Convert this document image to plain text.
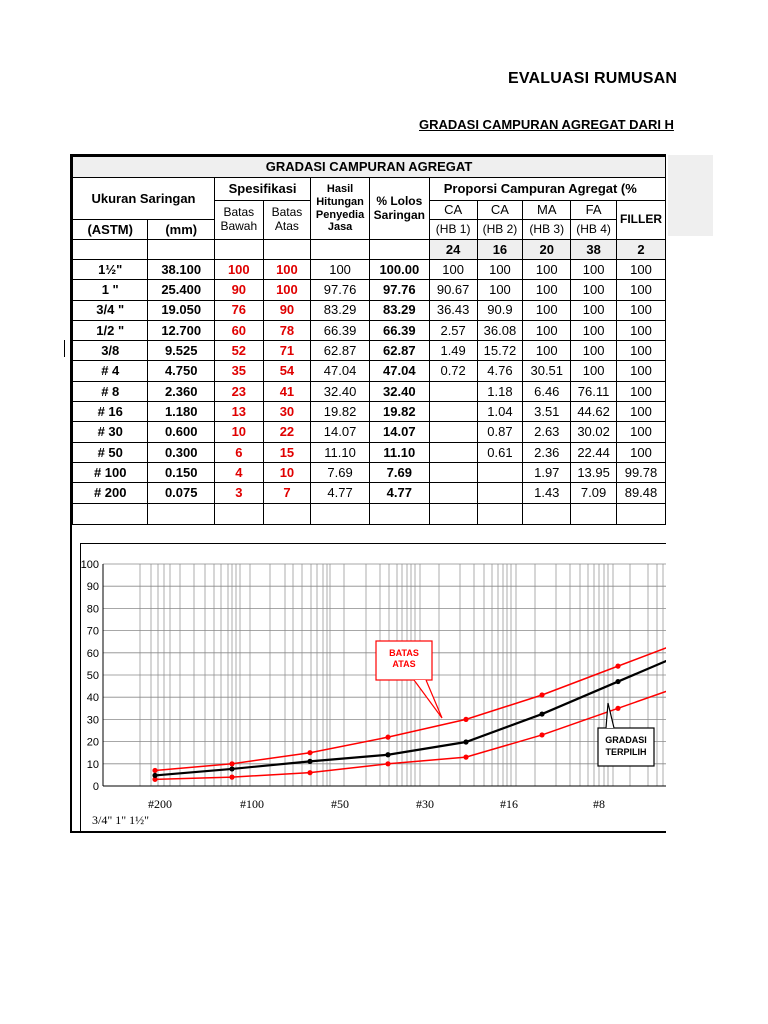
EVALUASI RUMUSAN
GRADASI CAMPURAN AGREGAT DARI H
GRADASI CAMPURAN AGREGAT										
Ukuran Saringan		Spesifikasi		Hasil Hitungan Penyedia Jasa	% Lolos Saringan	Proporsi Campuran Agregat (%				
		Batas Bawah	Batas Atas			CA	CA	MA	FA	FILLER
(ASTM)	(mm)					(HB 1)	(HB 2)	(HB 3)	(HB 4)	
						24	16	20	38	2
1½"	38.100	100	100	100	100.00	100	100	100	100	100
1 "	25.400	90	100	97.76	97.76	90.67	100	100	100	100
3/4 "	19.050	76	90	83.29	83.29	36.43	90.9	100	100	100
1/2 "	12.700	60	78	66.39	66.39	2.57	36.08	100	100	100
3/8	9.525	52	71	62.87	62.87	1.49	15.72	100	100	100
# 4	4.750	35	54	47.04	47.04	0.72	4.76	30.51	100	100
# 8	2.360	23	41	32.40	32.40		1.18	6.46	76.11	100
# 16	1.180	13	30	19.82	19.82		1.04	3.51	44.62	100
# 30	0.600	10	22	14.07	14.07		0.87	2.63	30.02	100
# 50	0.300	6	15	11.10	11.10		0.61	2.36	22.44	100
# 100	0.150	4	10	7.69	7.69			1.97	13.95	99.78
# 200	0.075	3	7	4.77	4.77			1.43	7.09	89.48

0
10
20
30
40
50
60
70
80
90
100
#200	#100	#50	#30	#16	#8
3/4" 1" 1½"
BATAS
ATAS
GRADASI
TERPILIH
